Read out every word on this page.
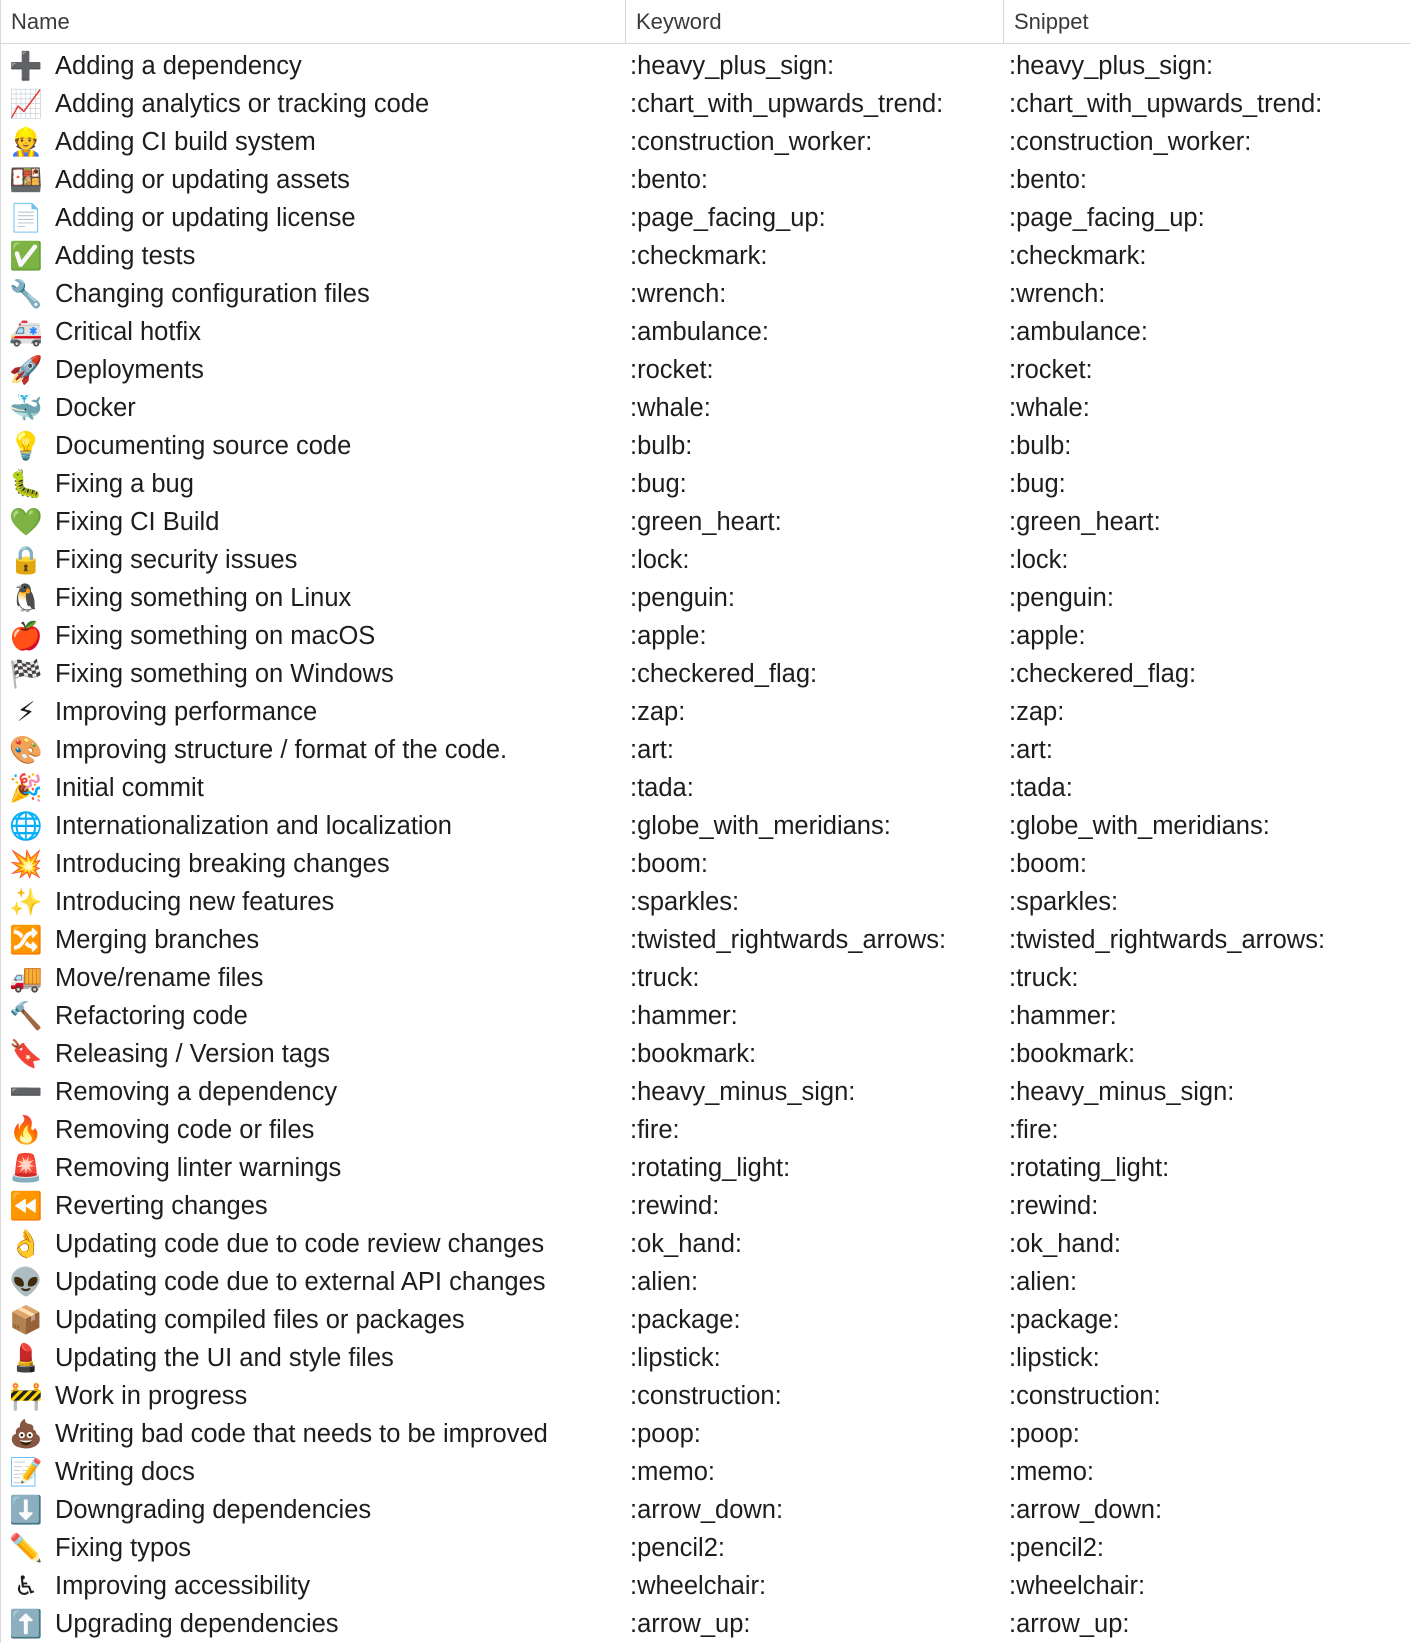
Name	Keyword	Snippet
➕ Adding a dependency	:heavy_plus_sign:	:heavy_plus_sign:
📈 Adding analytics or tracking code	:chart_with_upwards_trend:	:chart_with_upwards_trend:
👷 Adding CI build system	:construction_worker:	:construction_worker:
🍱 Adding or updating assets	:bento:	:bento:
📄 Adding or updating license	:page_facing_up:	:page_facing_up:
✅ Adding tests	:checkmark:	:checkmark:
🔧 Changing configuration files	:wrench:	:wrench:
🚑 Critical hotfix	:ambulance:	:ambulance:
🚀 Deployments	:rocket:	:rocket:
🐳 Docker	:whale:	:whale:
💡 Documenting source code	:bulb:	:bulb:
🐛 Fixing a bug	:bug:	:bug:
💚 Fixing CI Build	:green_heart:	:green_heart:
🔒 Fixing security issues	:lock:	:lock:
🐧 Fixing something on Linux	:penguin:	:penguin:
🍎 Fixing something on macOS	:apple:	:apple:
🏁 Fixing something on Windows	:checkered_flag:	:checkered_flag:
⚡ Improving performance	:zap:	:zap:
🎨 Improving structure / format of the code.	:art:	:art:
🎉 Initial commit	:tada:	:tada:
🌐 Internationalization and localization	:globe_with_meridians:	:globe_with_meridians:
💥 Introducing breaking changes	:boom:	:boom:
✨ Introducing new features	:sparkles:	:sparkles:
🔀 Merging branches	:twisted_rightwards_arrows:	:twisted_rightwards_arrows:
🚚 Move/rename files	:truck:	:truck:
🔨 Refactoring code	:hammer:	:hammer:
🔖 Releasing / Version tags	:bookmark:	:bookmark:
➖ Removing a dependency	:heavy_minus_sign:	:heavy_minus_sign:
🔥 Removing code or files	:fire:	:fire:
🚨 Removing linter warnings	:rotating_light:	:rotating_light:
⏪ Reverting changes	:rewind:	:rewind:
👌 Updating code due to code review changes	:ok_hand:	:ok_hand:
👽 Updating code due to external API changes	:alien:	:alien:
📦 Updating compiled files or packages	:package:	:package:
💄 Updating the UI and style files	:lipstick:	:lipstick:
🚧 Work in progress	:construction:	:construction:
💩 Writing bad code that needs to be improved	:poop:	:poop:
📝 Writing docs	:memo:	:memo:
⬇️ Downgrading dependencies	:arrow_down:	:arrow_down:
✏️ Fixing typos	:pencil2:	:pencil2:
♿ Improving accessibility	:wheelchair:	:wheelchair:
⬆️ Upgrading dependencies	:arrow_up:	:arrow_up:
